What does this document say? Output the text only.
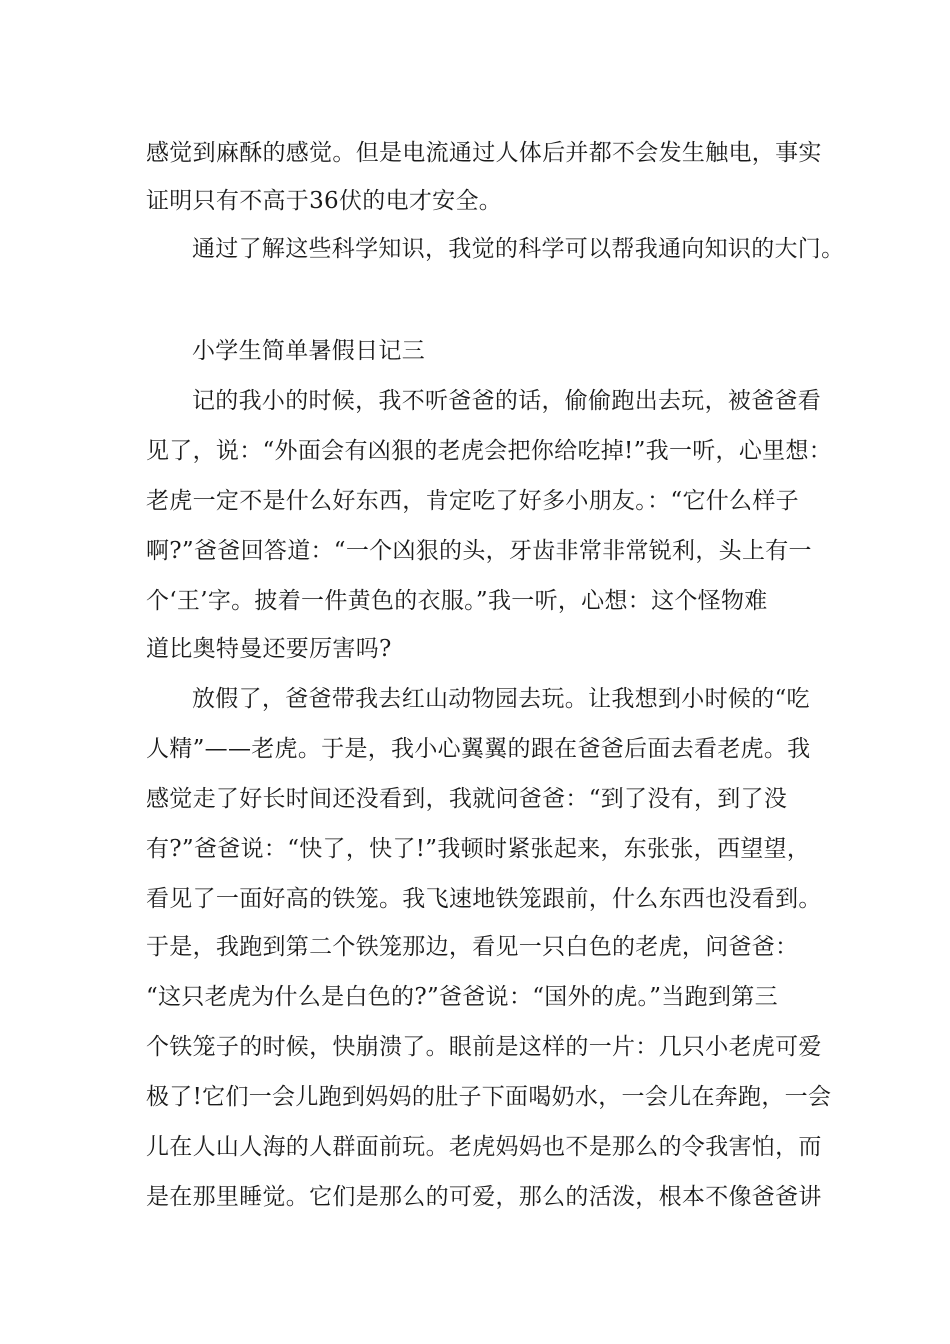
感觉到麻酥的感觉。但是电流通过人体后并都不会发生触电，事实
证明只有不高于36伏的电才安全。
通过了解这些科学知识，我觉的科学可以帮我通向知识的大门。
小学生简单暑假日记三
记的我小的时候，我不听爸爸的话，偷偷跑出去玩，被爸爸看
见了，说：“外面会有凶狠的老虎会把你给吃掉!”我一听，心里想：
老虎一定不是什么好东西，肯定吃了好多小朋友。：“它什么样子
啊?”爸爸回答道：“一个凶狠的头，牙齿非常非常锐利，头上有一
个‘王’字。披着一件黄色的衣服。”我一听，心想：这个怪物难
道比奥特曼还要厉害吗?
放假了，爸爸带我去红山动物园去玩。让我想到小时候的“吃
人精”——老虎。于是，我小心翼翼的跟在爸爸后面去看老虎。我
感觉走了好长时间还没看到，我就问爸爸：“到了没有，到了没
有?”爸爸说：“快了，快了!”我顿时紧张起来，东张张，西望望，
看见了一面好高的铁笼。我飞速地铁笼跟前，什么东西也没看到。
于是，我跑到第二个铁笼那边，看见一只白色的老虎，问爸爸：
“这只老虎为什么是白色的?”爸爸说：“国外的虎。”当跑到第三
个铁笼子的时候，快崩溃了。眼前是这样的一片：几只小老虎可爱
极了!它们一会儿跑到妈妈的肚子下面喝奶水，一会儿在奔跑，一会
儿在人山人海的人群面前玩。老虎妈妈也不是那么的令我害怕，而
是在那里睡觉。它们是那么的可爱，那么的活泼，根本不像爸爸讲
